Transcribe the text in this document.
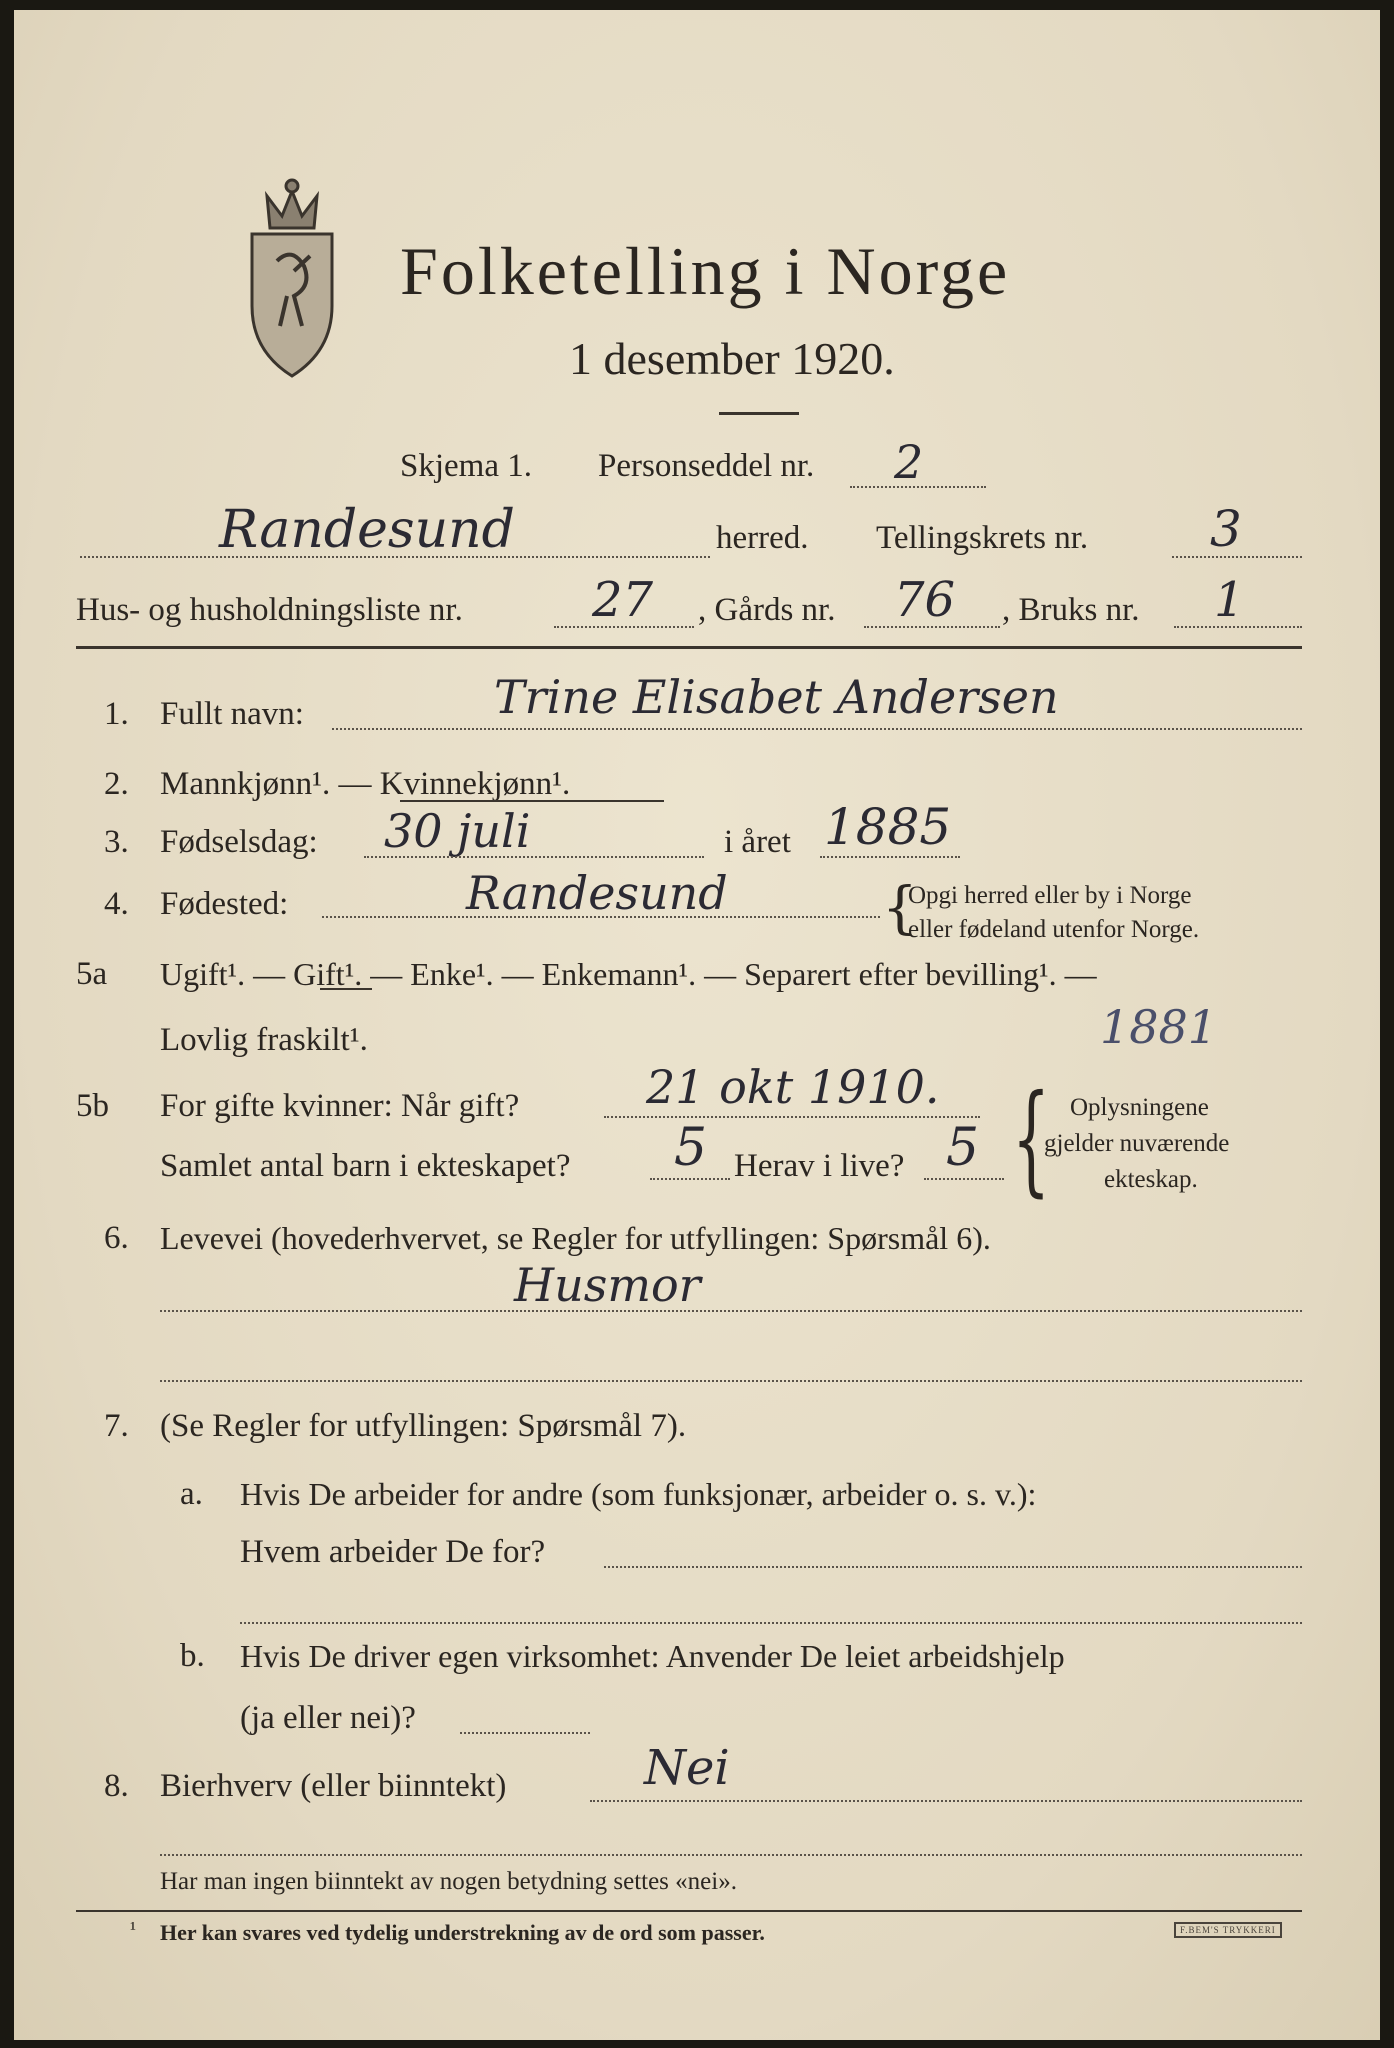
Folketelling i Norge
1 desember 1920.
Skjema 1. Personseddel nr. 2
Randesund	herred. Tellingskrets nr. 3
Hus- og husholdningsliste nr.	27 , Gårds nr. 76 , Bruks nr. 1
1. Fullt navn:	Trine Elisabet Andersen
2. Mannkjønn¹. — Kvinnekjønn¹.
3. Fødselsdag: 30 juli	i året 1885
4. Fødested:	Randesund	{
Opgi herred eller by i Norge
eller fødeland utenfor Norge.
5a Ugift¹. — Gift¹. — Enke¹. — Enkemann¹. — Separert efter bevilling¹. —
Lovlig fraskilt¹.	1881
5b For gifte kvinner: Når gift?	21 okt 1910.
Samlet antal barn i ekteskapet? 5 Herav i live? 5 { Oplysningene
gjelder nuværende
ekteskap.
6. Levevei (hovederhvervet, se Regler for utfyllingen: Spørsmål 6).
Husmor
7. (Se Regler for utfyllingen: Spørsmål 7).
a. Hvis De arbeider for andre (som funksjonær, arbeider o. s. v.):
Hvem arbeider De for?
b. Hvis De driver egen virksomhet: Anvender De leiet arbeidshjelp
(ja eller nei)?
8. Bierhverv (eller biinntekt)	Nei
Har man ingen biinntekt av nogen betydning settes «nei».
¹ Her kan svares ved tydelig understrekning av de ord som passer.	F.BEM'S TRYKKERI
